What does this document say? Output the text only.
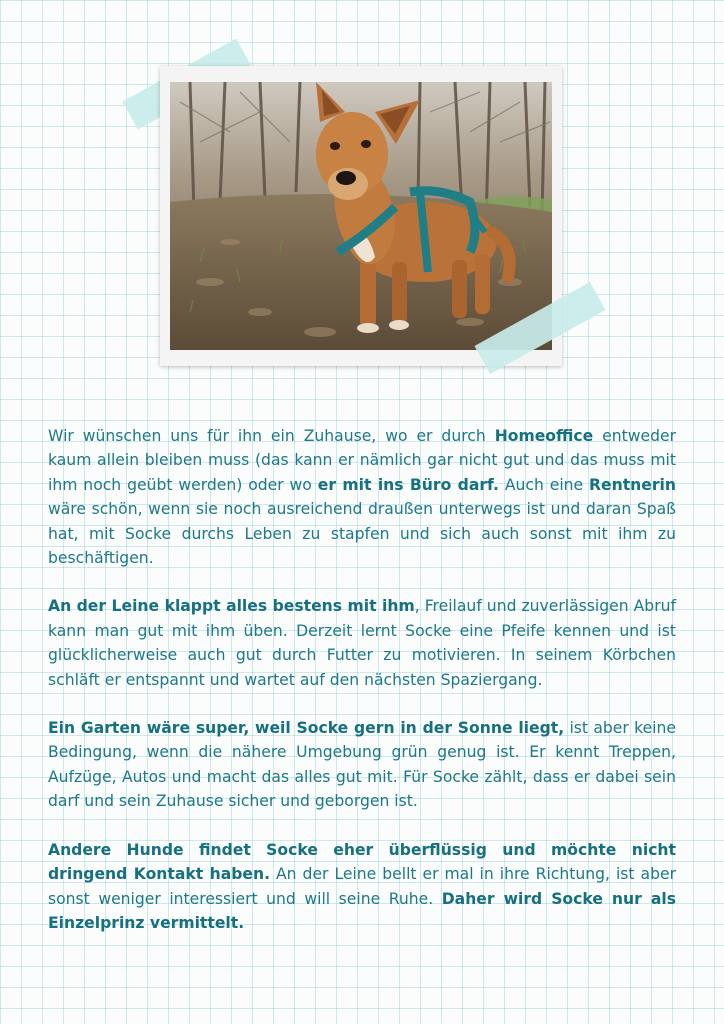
Wir wünschen uns für ihn ein Zuhause, wo er durch Homeoffice entweder kaum allein bleiben muss (das kann er nämlich gar nicht gut und das muss mit ihm noch geübt werden) oder wo er mit ins Büro darf. Auch eine Rentnerin wäre schön, wenn sie noch ausreichend draußen unterwegs ist und daran Spaß hat, mit Socke durchs Leben zu stapfen und sich auch sonst mit ihm zu beschäftigen.

An der Leine klappt alles bestens mit ihm, Freilauf und zuverlässigen Abruf kann man gut mit ihm üben. Derzeit lernt Socke eine Pfeife kennen und ist glücklicherweise auch gut durch Futter zu motivieren. In seinem Körbchen schläft er entspannt und wartet auf den nächsten Spaziergang.

Ein Garten wäre super, weil Socke gern in der Sonne liegt, ist aber keine Bedingung, wenn die nähere Umgebung grün genug ist. Er kennt Treppen, Aufzüge, Autos und macht das alles gut mit. Für Socke zählt, dass er dabei sein darf und sein Zuhause sicher und geborgen ist.

Andere Hunde findet Socke eher überflüssig und möchte nicht dringend Kontakt haben. An der Leine bellt er mal in ihre Richtung, ist aber sonst weniger interessiert und will seine Ruhe. Daher wird Socke nur als Einzelprinz vermittelt.
